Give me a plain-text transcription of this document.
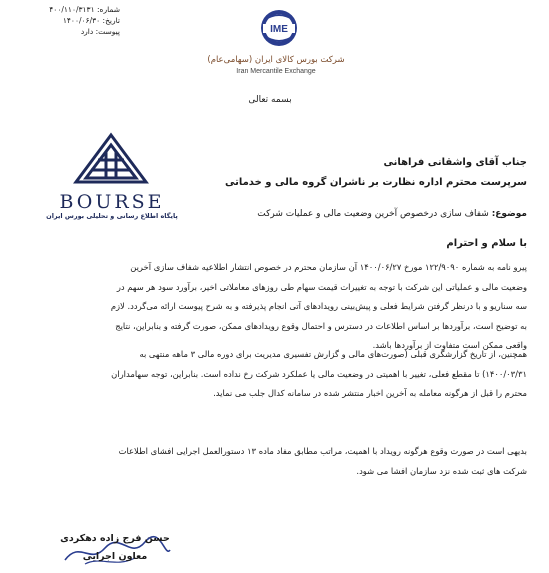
شماره: ۴۰۰/۱۱۰/۳۱۳۱
تاریخ: ۱۴۰۰/۰۶/۳۰
پیوست: دارد	IME
شرکت بورس کالای ایران (سهامی‌عام)
Iran Mercantile Exchange
بسمه تعالی
BOURSE
پایگاه اطلاع رسانی و تحلیلی بورس ایران
جناب آقای واشقانی فراهانی
سرپرست محترم اداره نظارت بر ناشران گروه مالی و خدماتی
موضوع: شفاف سازی درخصوص آخرین وضعیت مالی و عملیات شرکت
با سلام و احترام
پیرو نامه به شماره ۱۲۲/۹۰۹۰ مورخ ۱۴۰۰/۰۶/۲۷ آن سازمان محترم در خصوص انتشار اطلاعیه شفاف سازی آخرین
وضعیت مالی و عملیاتی این شرکت با توجه به تغییرات قیمت سهام طی روزهای معاملاتی اخیر، برآورد سود هر سهم در
سه سناریو و با درنظر گرفتن شرایط فعلی و پیش‌بینی رویدادهای آتی انجام پذیرفته و به شرح پیوست ارائه می‌گردد. لازم
به توضیح است، برآوردها بر اساس اطلاعات در دسترس و احتمال وقوع رویدادهای ممکن، صورت گرفته و بنابراین، نتایج
واقعی ممکن است متفاوت از برآوردها باشد.
همچنین، از تاریخ گزارشگری قبلی (صورت‌های مالی و گزارش تفسیری مدیریت برای دوره مالی ۳ ماهه منتهی به
۱۴۰۰/۰۳/۳۱) تا مقطع فعلی، تغییر با اهمیتی در وضعیت مالی یا عملکرد شرکت رخ نداده است. بنابراین، توجه سهامداران
محترم را قبل از هرگونه معامله به آخرین اخبار منتشر شده در سامانه کدال جلب می نماید.
بدیهی است در صورت وقوع هرگونه رویداد با اهمیت، مراتب مطابق مفاد ماده ۱۳ دستورالعمل اجرایی افشای اطلاعات
شرکت های ثبت شده نزد سازمان افشا می شود.
حسن فرج زاده دهکردی
معاون اجرایی
